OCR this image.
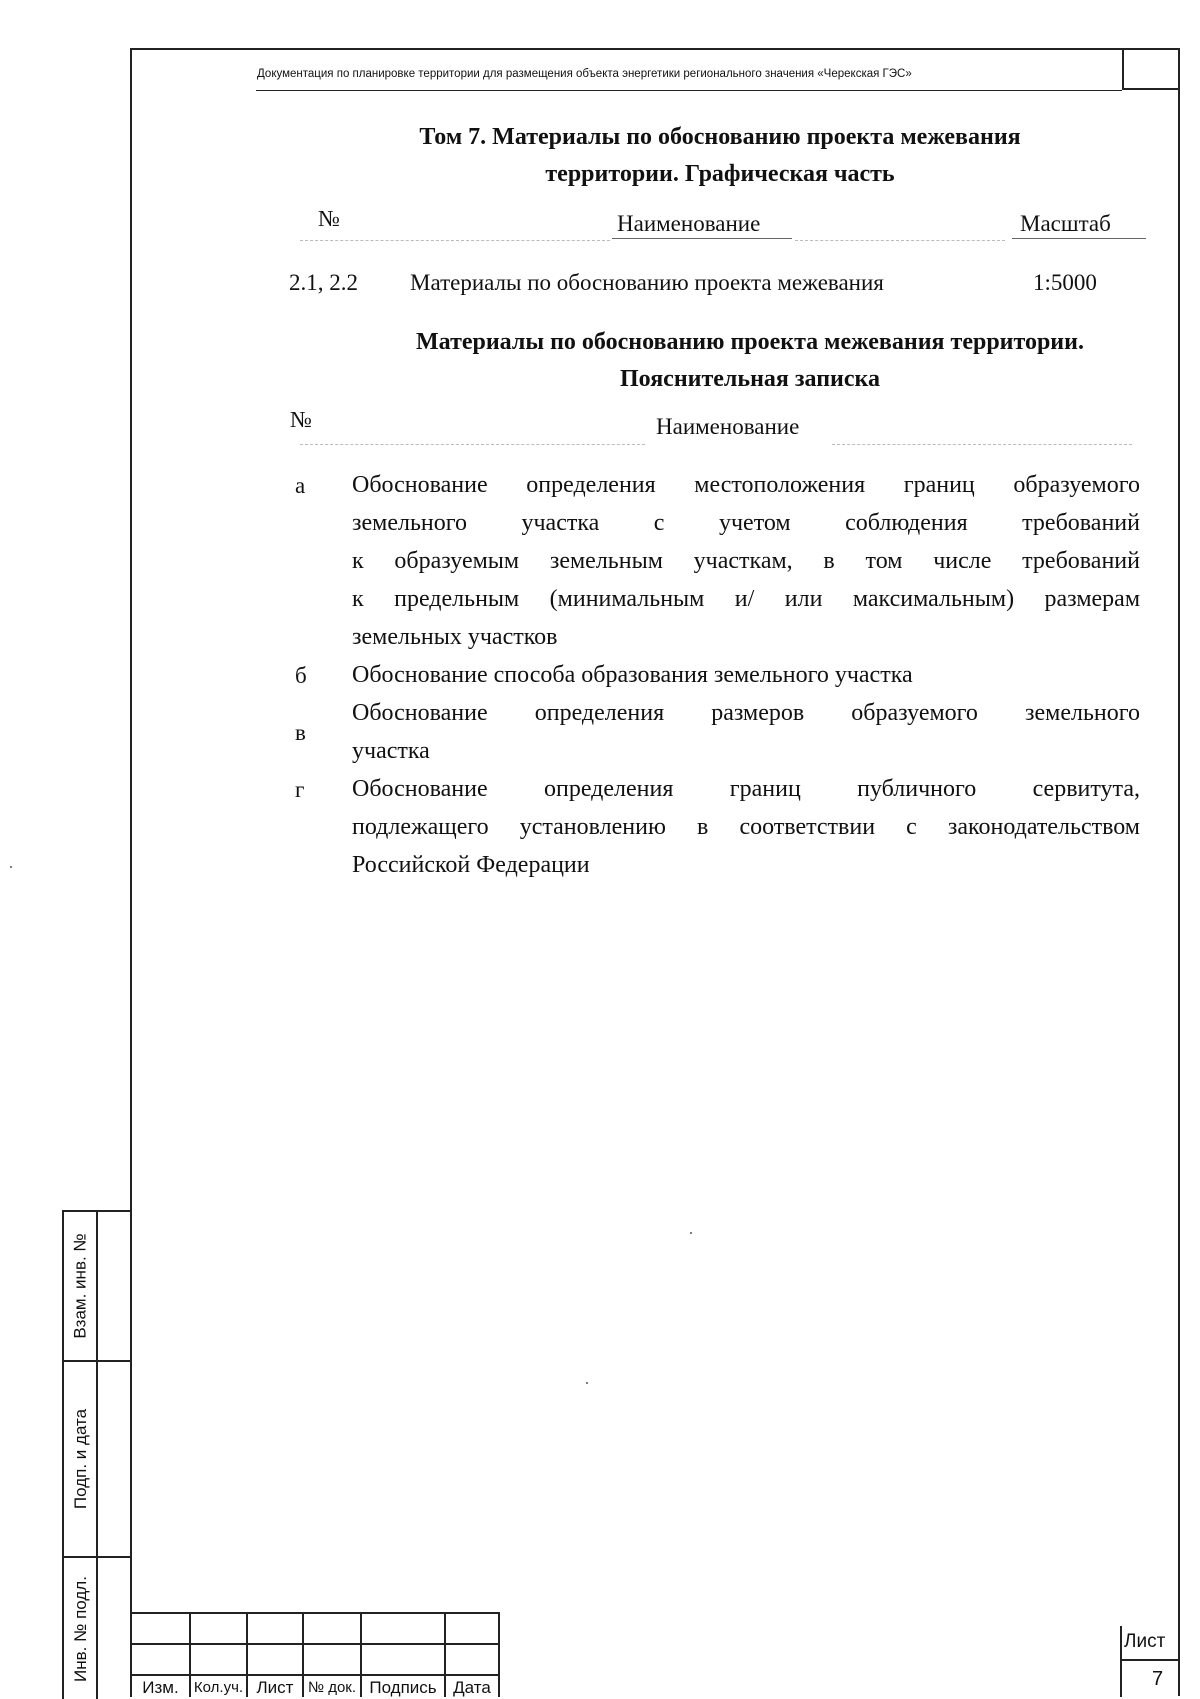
Документация по планировке территории для размещения объекта энергетики регионального значения «Черекская ГЭС»
Том 7. Материалы по обоснованию проекта межевания
территории. Графическая часть
№	Наименование	Масштаб
2.1, 2.2 Материалы по обоснованию проекта межевания	1:5000
Материалы по обоснованию проекта межевания территории.
Пояснительная записка
№	Наименование
а Обоснование определения местоположения границ образуемого
земельного участка с учетом соблюдения требований
к образуемым земельным участкам, в том числе требований
к предельным (минимальным и/ или максимальным) размерам
земельных участков
б Обоснование способа образования земельного участка
в
Обоснование определения размеров образуемого земельного
участка
г Обоснование определения границ публичного сервитута,
подлежащего установлению в соответствии с законодательством
Российской Федерации
Взам. инв. №
Подп. и дата
Инв. № подл.
Изм.	Кол.уч. Лист № док. Подпись Дата
Лист
7
